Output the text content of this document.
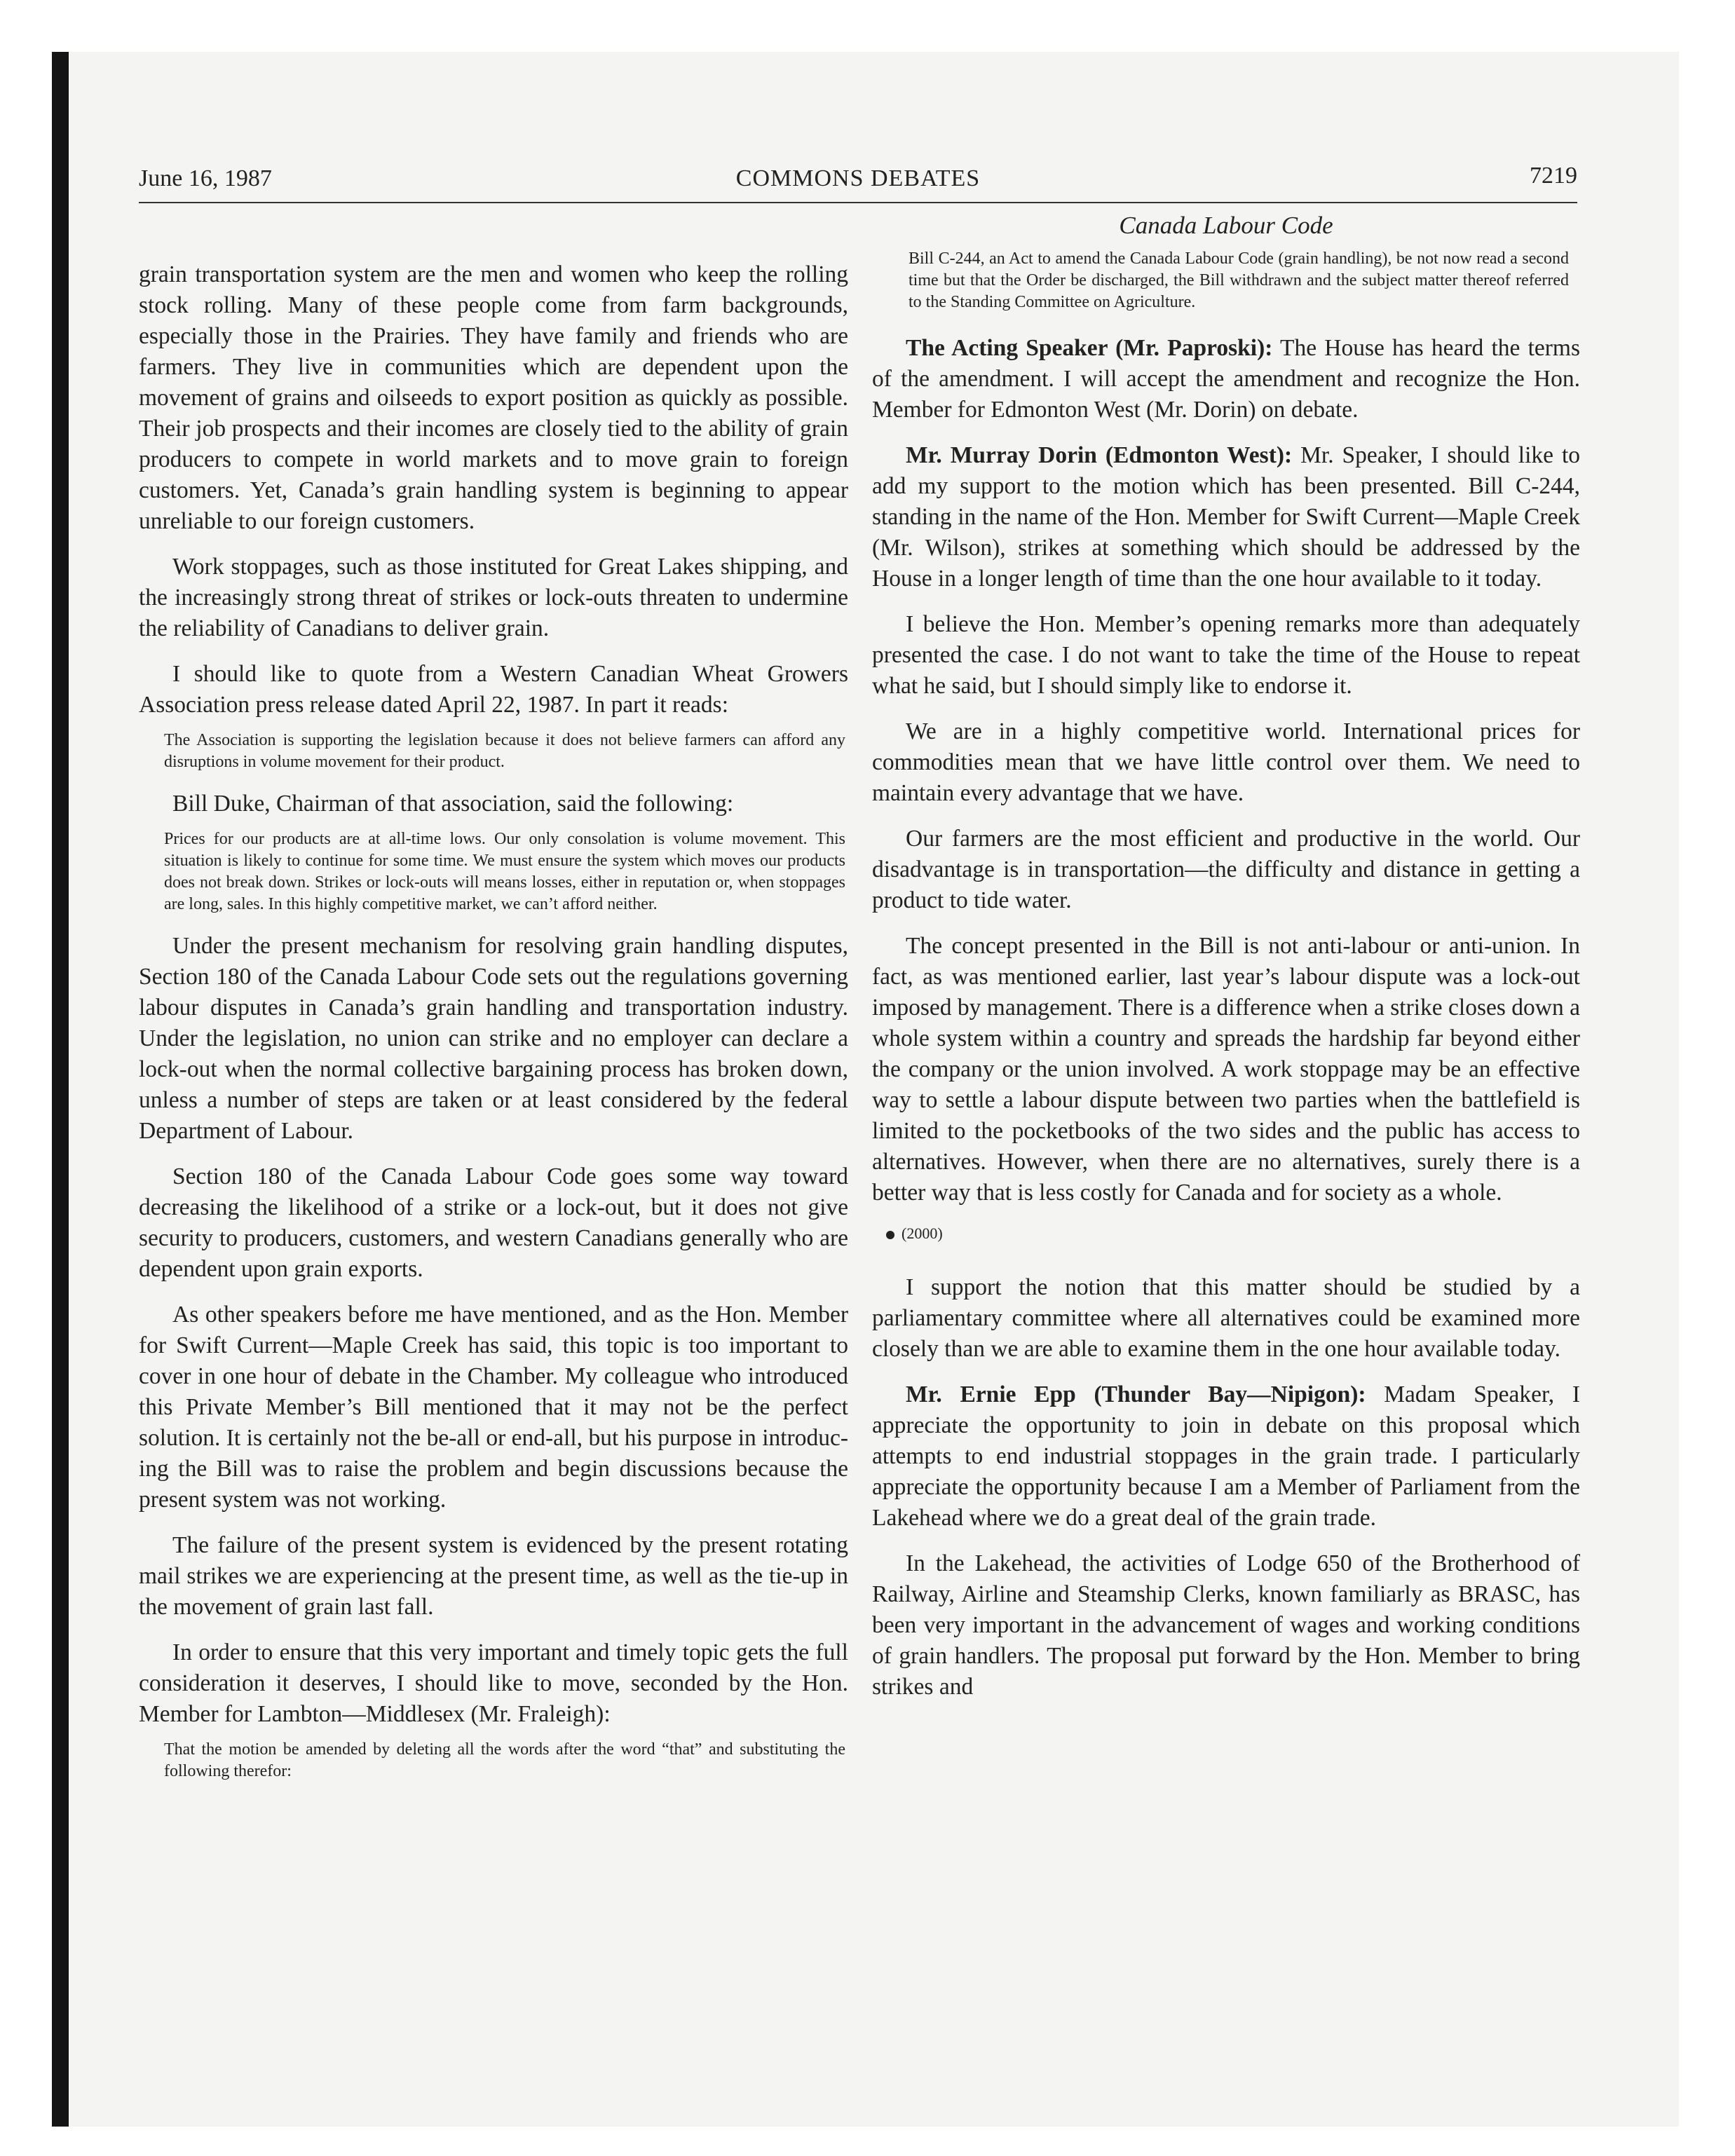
June 16, 1987	COMMONS DEBATES	7219

grain transportation system are the men and women who keep the rolling stock rolling. Many of these people come from farm backgrounds, especially those in the Prairies. They have family and friends who are farmers. They live in communities which are dependent upon the movement of grains and oilseeds to export position as quickly as possible. Their job prospects and their incomes are closely tied to the ability of grain producers to compete in world markets and to move grain to foreign customers. Yet, Canada’s grain handling system is beginning to appear unreliable to our foreign customers.

Work stoppages, such as those instituted for Great Lakes shipping, and the increasingly strong threat of strikes or lock-outs threaten to undermine the reliability of Canadians to deliver grain.

I should like to quote from a Western Canadian Wheat Growers Association press release dated April 22, 1987. In part it reads:

The Association is supporting the legislation because it does not believe farmers can afford any disruptions in volume movement for their product.

Bill Duke, Chairman of that association, said the following:

Prices for our products are at all-time lows. Our only consolation is volume movement. This situation is likely to continue for some time. We must ensure the system which moves our products does not break down. Strikes or lock-outs will means losses, either in reputation or, when stoppages are long, sales. In this highly competitive market, we can’t afford neither.

Under the present mechanism for resolving grain handling disputes, Section 180 of the Canada Labour Code sets out the regulations governing labour disputes in Canada’s grain handling and transportation industry. Under the legislation, no union can strike and no employer can declare a lock-out when the normal collective bargaining process has broken down, unless a number of steps are taken or at least considered by the federal Department of Labour.

Section 180 of the Canada Labour Code goes some way toward decreasing the likelihood of a strike or a lock-out, but it does not give security to producers, customers, and western Canadians generally who are dependent upon grain exports.

As other speakers before me have mentioned, and as the Hon. Member for Swift Current—Maple Creek has said, this topic is too important to cover in one hour of debate in the Chamber. My colleague who introduced this Private Member’s Bill mentioned that it may not be the perfect solution. It is certainly not the be-all or end-all, but his purpose in introducing the Bill was to raise the problem and begin discussions because the present system was not working.

The failure of the present system is evidenced by the present rotating mail strikes we are experiencing at the present time, as well as the tie-up in the movement of grain last fall.

In order to ensure that this very important and timely topic gets the full consideration it deserves, I should like to move, seconded by the Hon. Member for Lambton—Middlesex (Mr. Fraleigh):

That the motion be amended by deleting all the words after the word “that” and substituting the following therefor:

Canada Labour Code

Bill C-244, an Act to amend the Canada Labour Code (grain handling), be not now read a second time but that the Order be discharged, the Bill withdrawn and the subject matter thereof referred to the Standing Committee on Agriculture.

The Acting Speaker (Mr. Paproski): The House has heard the terms of the amendment. I will accept the amendment and recognize the Hon. Member for Edmonton West (Mr. Dorin) on debate.

Mr. Murray Dorin (Edmonton West): Mr. Speaker, I should like to add my support to the motion which has been presented. Bill C-244, standing in the name of the Hon. Member for Swift Current—Maple Creek (Mr. Wilson), strikes at something which should be addressed by the House in a longer length of time than the one hour available to it today.

I believe the Hon. Member’s opening remarks more than adequately presented the case. I do not want to take the time of the House to repeat what he said, but I should simply like to endorse it.

We are in a highly competitive world. International prices for commodities mean that we have little control over them. We need to maintain every advantage that we have.

Our farmers are the most efficient and productive in the world. Our disadvantage is in transportation—the difficulty and distance in getting a product to tide water.

The concept presented in the Bill is not anti-labour or anti-union. In fact, as was mentioned earlier, last year’s labour dispute was a lock-out imposed by management. There is a difference when a strike closes down a whole system within a country and spreads the hardship far beyond either the company or the union involved. A work stoppage may be an effective way to settle a labour dispute between two parties when the battlefield is limited to the pocketbooks of the two sides and the public has access to alternatives. However, when there are no alternatives, surely there is a better way that is less costly for Canada and for society as a whole.

(2000)

I support the notion that this matter should be studied by a parliamentary committee where all alternatives could be examined more closely than we are able to examine them in the one hour available today.

Mr. Ernie Epp (Thunder Bay—Nipigon): Madam Speaker, I appreciate the opportunity to join in debate on this proposal which attempts to end industrial stoppages in the grain trade. I particularly appreciate the opportunity because I am a Member of Parliament from the Lakehead where we do a great deal of the grain trade.

In the Lakehead, the activities of Lodge 650 of the Brotherhood of Railway, Airline and Steamship Clerks, known familiarly as BRASC, has been very important in the advancement of wages and working conditions of grain handlers. The proposal put forward by the Hon. Member to bring strikes and
